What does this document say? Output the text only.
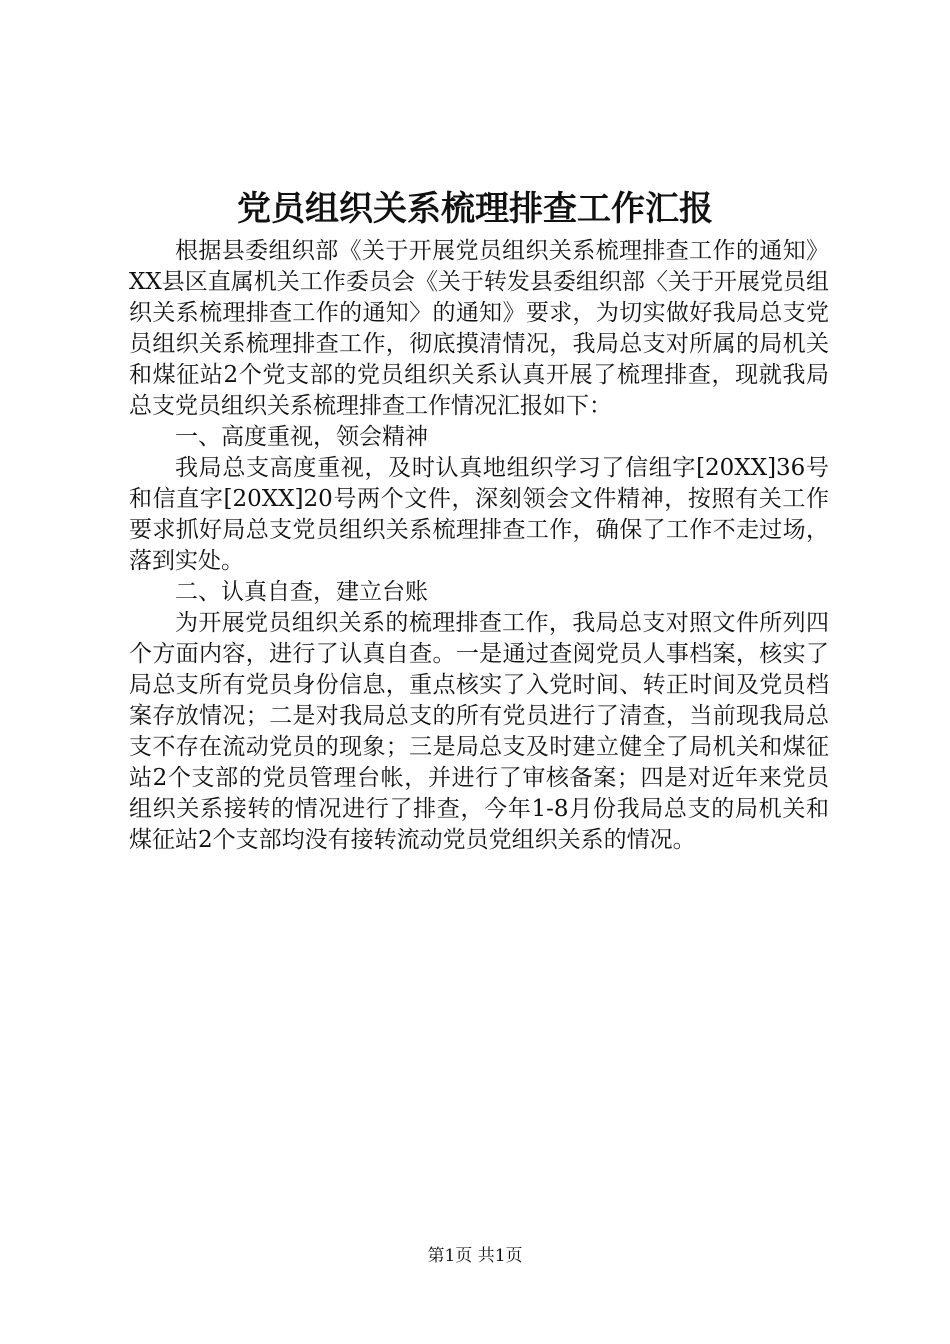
党员组织关系梳理排查工作汇报

根据县委组织部《关于开展党员组织关系梳理排查工作的通知》XX县区直属机关工作委员会《关于转发县委组织部〈关于开展党员组织关系梳理排查工作的通知〉的通知》要求，为切实做好我局总支党员组织关系梳理排查工作，彻底摸清情况，我局总支对所属的局机关和煤征站2个党支部的党员组织关系认真开展了梳理排查，现就我局总支党员组织关系梳理排查工作情况汇报如下：

一、高度重视，领会精神

我局总支高度重视，及时认真地组织学习了信组字[20XX]36号和信直字[20XX]20号两个文件，深刻领会文件精神，按照有关工作要求抓好局总支党员组织关系梳理排查工作，确保了工作不走过场，落到实处。

二、认真自查，建立台账

为开展党员组织关系的梳理排查工作，我局总支对照文件所列四个方面内容，进行了认真自查。一是通过查阅党员人事档案，核实了局总支所有党员身份信息，重点核实了入党时间、转正时间及党员档案存放情况；二是对我局总支的所有党员进行了清查，当前现我局总支不存在流动党员的现象；三是局总支及时建立健全了局机关和煤征站2个支部的党员管理台帐，并进行了审核备案；四是对近年来党员组织关系接转的情况进行了排查，今年1-8月份我局总支的局机关和煤征站2个支部均没有接转流动党员党组织关系的情况。

第1页 共1页
